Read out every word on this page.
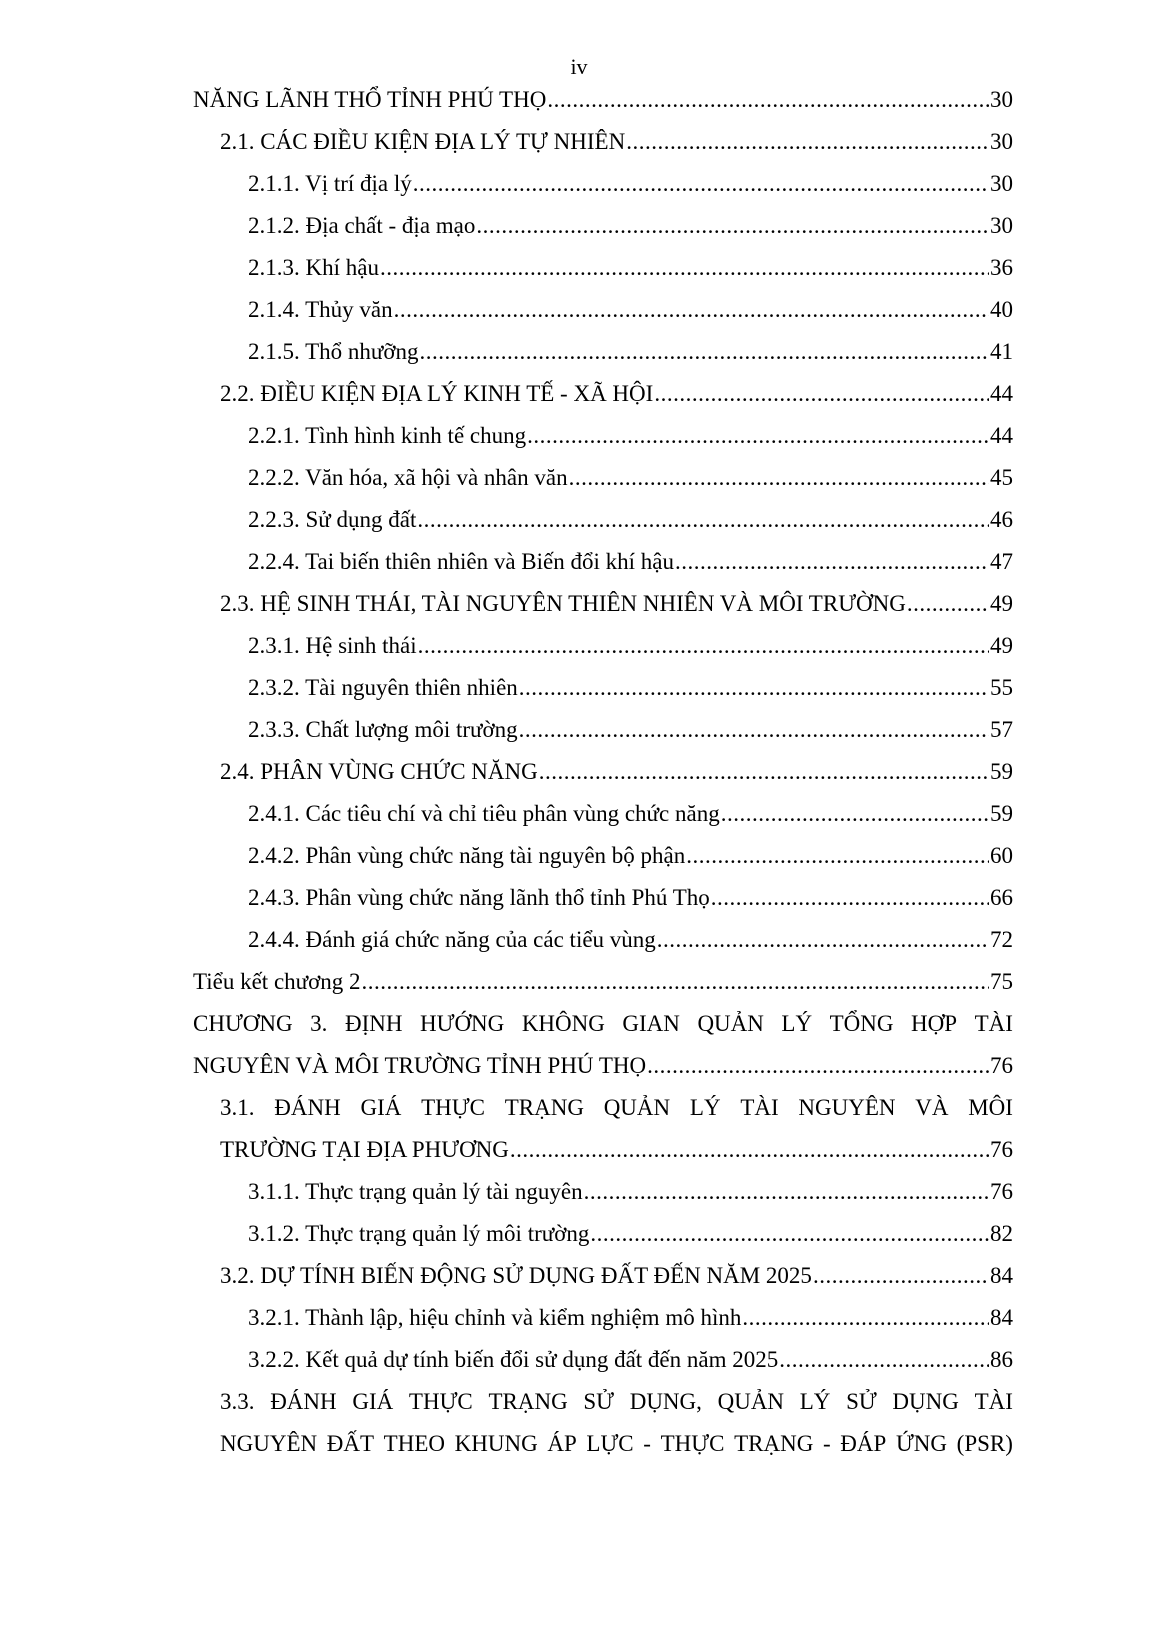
iv
NĂNG LÃNH THỔ TỈNH PHÚ THỌ .....	30
2.1. CÁC ĐIỀU KIỆN ĐỊA LÝ TỰ NHIÊN .....	30
2.1.1. Vị trí địa lý .....	30
2.1.2. Địa chất - địa mạo .....	30
2.1.3. Khí hậu .....	36
2.1.4. Thủy văn .....	40
2.1.5. Thổ nhưỡng .....	41
2.2. ĐIỀU KIỆN ĐỊA LÝ KINH TẾ - XÃ HỘI .....	44
2.2.1. Tình hình kinh tế chung .....	44
2.2.2. Văn hóa, xã hội và nhân văn .....	45
2.2.3. Sử dụng đất .....	46
2.2.4. Tai biến thiên nhiên và Biến đổi khí hậu .....	47
2.3. HỆ SINH THÁI, TÀI NGUYÊN THIÊN NHIÊN VÀ MÔI TRƯỜNG .....	49
2.3.1. Hệ sinh thái .....	49
2.3.2. Tài nguyên thiên nhiên .....	55
2.3.3. Chất lượng môi trường .....	57
2.4. PHÂN VÙNG CHỨC NĂNG .....	59
2.4.1. Các tiêu chí và chỉ tiêu phân vùng chức năng .....	59
2.4.2. Phân vùng chức năng tài nguyên bộ phận .....	60
2.4.3. Phân vùng chức năng lãnh thổ tỉnh Phú Thọ .....	66
2.4.4. Đánh giá chức năng của các tiểu vùng .....	72
Tiểu kết chương 2 .....	75
CHƯƠNG 3. ĐỊNH HƯỚNG KHÔNG GIAN QUẢN LÝ TỔNG HỢP TÀI
NGUYÊN VÀ MÔI TRƯỜNG TỈNH PHÚ THỌ .....	76
3.1. ĐÁNH GIÁ THỰC TRẠNG QUẢN LÝ TÀI NGUYÊN VÀ MÔI
TRƯỜNG TẠI ĐỊA PHƯƠNG .....	76
3.1.1. Thực trạng quản lý tài nguyên .....	76
3.1.2. Thực trạng quản lý môi trường .....	82
3.2. DỰ TÍNH BIẾN ĐỘNG SỬ DỤNG ĐẤT ĐẾN NĂM 2025 .....	84
3.2.1. Thành lập, hiệu chỉnh và kiểm nghiệm mô hình .....	84
3.2.2. Kết quả dự tính biến đổi sử dụng đất đến năm 2025 .....	86
3.3. ĐÁNH GIÁ THỰC TRẠNG SỬ DỤNG, QUẢN LÝ SỬ DỤNG TÀI
NGUYÊN ĐẤT THEO KHUNG ÁP LỰC - THỰC TRẠNG - ĐÁP ỨNG (PSR)
